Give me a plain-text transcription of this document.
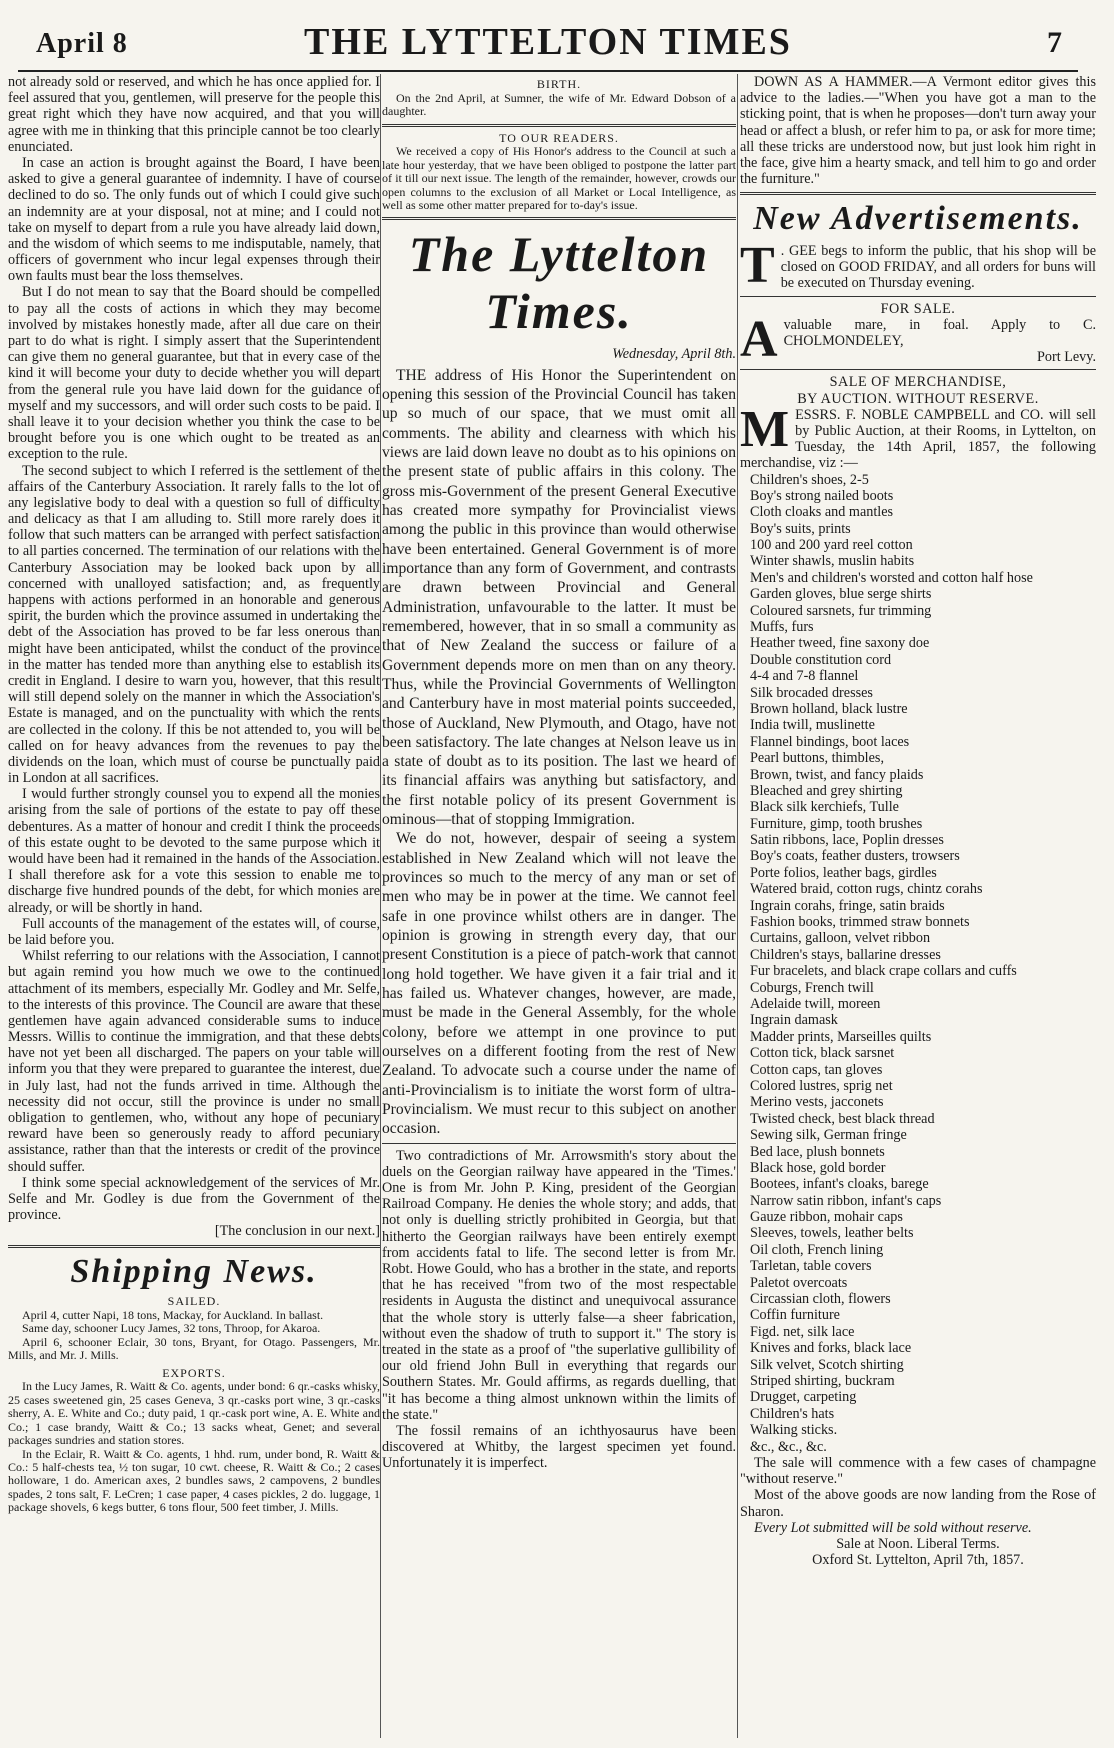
April 8	THE LYTTELTON TIMES	7

not already sold or reserved, and which he has once applied for. I feel assured that you, gentlemen, will preserve for the people this great right which they have now acquired, and that you will agree with me in thinking that this principle cannot be too clearly enunciated.

In case an action is brought against the Board, I have been asked to give a general guarantee of indemnity. I have of course declined to do so. The only funds out of which I could give such an indemnity are at your disposal, not at mine; and I could not take on myself to depart from a rule you have already laid down, and the wisdom of which seems to me indisputable, namely, that officers of government who incur legal expenses through their own faults must bear the loss themselves.

But I do not mean to say that the Board should be compelled to pay all the costs of actions in which they may become involved by mistakes honestly made, after all due care on their part to do what is right. I simply assert that the Superintendent can give them no general guarantee, but that in every case of the kind it will become your duty to decide whether you will depart from the general rule you have laid down for the guidance of myself and my successors, and will order such costs to be paid. I shall leave it to your decision whether you think the case to be brought before you is one which ought to be treated as an exception to the rule.

The second subject to which I referred is the settlement of the affairs of the Canterbury Association. It rarely falls to the lot of any legislative body to deal with a question so full of difficulty and delicacy as that I am alluding to. Still more rarely does it follow that such matters can be arranged with perfect satisfaction to all parties concerned. The termination of our relations with the Canterbury Association may be looked back upon by all concerned with unalloyed satisfaction; and, as frequently happens with actions performed in an honorable and generous spirit, the burden which the province assumed in undertaking the debt of the Association has proved to be far less onerous than might have been anticipated, whilst the conduct of the province in the matter has tended more than anything else to establish its credit in England. I desire to warn you, however, that this result will still depend solely on the manner in which the Association's Estate is managed, and on the punctuality with which the rents are collected in the colony. If this be not attended to, you will be called on for heavy advances from the revenues to pay the dividends on the loan, which must of course be punctually paid in London at all sacrifices.

I would further strongly counsel you to expend all the monies arising from the sale of portions of the estate to pay off these debentures. As a matter of honour and credit I think the proceeds of this estate ought to be devoted to the same purpose which it would have been had it remained in the hands of the Association. I shall therefore ask for a vote this session to enable me to discharge five hundred pounds of the debt, for which monies are already, or will be shortly in hand.

Full accounts of the management of the estates will, of course, be laid before you.

Whilst referring to our relations with the Association, I cannot but again remind you how much we owe to the continued attachment of its members, especially Mr. Godley and Mr. Selfe, to the interests of this province. The Council are aware that these gentlemen have again advanced considerable sums to induce Messrs. Willis to continue the immigration, and that these debts have not yet been all discharged. The papers on your table will inform you that they were prepared to guarantee the interest, due in July last, had not the funds arrived in time. Although the necessity did not occur, still the province is under no small obligation to gentlemen, who, without any hope of pecuniary reward have been so generously ready to afford pecuniary assistance, rather than that the interests or credit of the province should suffer.

I think some special acknowledgement of the services of Mr. Selfe and Mr. Godley is due from the Government of the province.

[The conclusion in our next.]

Shipping News.
SAILED.

April 4, cutter Napi, 18 tons, Mackay, for Auckland. In ballast.

Same day, schooner Lucy James, 32 tons, Throop, for Akaroa.

April 6, schooner Eclair, 30 tons, Bryant, for Otago. Passengers, Mr. Mills, and Mr. J. Mills.

EXPORTS.

In the Lucy James, R. Waitt & Co. agents, under bond: 6 qr.-casks whisky, 25 cases sweetened gin, 25 cases Geneva, 3 qr.-casks port wine, 3 qr.-casks sherry, A. E. White and Co.; duty paid, 1 qr.-cask port wine, A. E. White and Co.; 1 case brandy, Waitt & Co.; 13 sacks wheat, Genet; and several packages sundries and station stores.

In the Eclair, R. Waitt & Co. agents, 1 hhd. rum, under bond, R. Waitt & Co.: 5 half-chests tea, ½ ton sugar, 10 cwt. cheese, R. Waitt & Co.; 2 cases holloware, 1 do. American axes, 2 bundles saws, 2 campovens, 2 bundles spades, 2 tons salt, F. LeCren; 1 case paper, 4 cases pickles, 2 do. luggage, 1 package shovels, 6 kegs butter, 6 tons flour, 500 feet timber, J. Mills.

BIRTH.

On the 2nd April, at Sumner, the wife of Mr. Edward Dobson of a daughter.

TO OUR READERS.

We received a copy of His Honor's address to the Council at such a late hour yesterday, that we have been obliged to postpone the latter part of it till our next issue. The length of the remainder, however, crowds our open columns to the exclusion of all Market or Local Intelligence, as well as some other matter prepared for to-day's issue.

The Lyttelton Times.
Wednesday, April 8th.

THE address of His Honor the Superintendent on opening this session of the Provincial Council has taken up so much of our space, that we must omit all comments. The ability and clearness with which his views are laid down leave no doubt as to his opinions on the present state of public affairs in this colony. The gross mis-Government of the present General Executive has created more sympathy for Provincialist views among the public in this province than would otherwise have been entertained. General Government is of more importance than any form of Government, and contrasts are drawn between Provincial and General Administration, unfavourable to the latter. It must be remembered, however, that in so small a community as that of New Zealand the success or failure of a Government depends more on men than on any theory. Thus, while the Provincial Governments of Wellington and Canterbury have in most material points succeeded, those of Auckland, New Plymouth, and Otago, have not been satisfactory. The late changes at Nelson leave us in a state of doubt as to its position. The last we heard of its financial affairs was anything but satisfactory, and the first notable policy of its present Government is ominous—that of stopping Immigration.

We do not, however, despair of seeing a system established in New Zealand which will not leave the provinces so much to the mercy of any man or set of men who may be in power at the time. We cannot feel safe in one province whilst others are in danger. The opinion is growing in strength every day, that our present Constitution is a piece of patch-work that cannot long hold together. We have given it a fair trial and it has failed us. Whatever changes, however, are made, must be made in the General Assembly, for the whole colony, before we attempt in one province to put ourselves on a different footing from the rest of New Zealand. To advocate such a course under the name of anti-Provincialism is to initiate the worst form of ultra-Provincialism. We must recur to this subject on another occasion.

Two contradictions of Mr. Arrowsmith's story about the duels on the Georgian railway have appeared in the 'Times.' One is from Mr. John P. King, president of the Georgian Railroad Company. He denies the whole story; and adds, that not only is duelling strictly prohibited in Georgia, but that hitherto the Georgian railways have been entirely exempt from accidents fatal to life. The second letter is from Mr. Robt. Howe Gould, who has a brother in the state, and reports that he has received "from two of the most respectable residents in Augusta the distinct and unequivocal assurance that the whole story is utterly false—a sheer fabrication, without even the shadow of truth to support it." The story is treated in the state as a proof of "the superlative gullibility of our old friend John Bull in everything that regards our Southern States. Mr. Gould affirms, as regards duelling, that "it has become a thing almost unknown within the limits of the state."

The fossil remains of an ichthyosaurus have been discovered at Whitby, the largest specimen yet found. Unfortunately it is imperfect.

DOWN AS A HAMMER.—A Vermont editor gives this advice to the ladies.—"When you have got a man to the sticking point, that is when he proposes—don't turn away your head or affect a blush, or refer him to pa, or ask for more time; all these tricks are understood now, but just look him right in the face, give him a hearty smack, and tell him to go and order the furniture."

New Advertisements.
T . GEE begs to inform the public, that his shop will be closed on GOOD FRIDAY, and all orders for buns will be executed on Thursday evening.
FOR SALE.
A valuable mare, in foal. Apply to C. CHOLMONDELEY,
Port Levy.
SALE OF MERCHANDISE,
BY AUCTION. WITHOUT RESERVE.
M ESSRS. F. NOBLE CAMPBELL and CO. will sell by Public Auction, at their Rooms, in Lyttelton, on Tuesday, the 14th April, 1857, the following merchandise, viz :—
Children's shoes, 2-5
Boy's strong nailed boots
Cloth cloaks and mantles
Boy's suits, prints
100 and 200 yard reel cotton
Winter shawls, muslin habits
Men's and children's worsted and cotton half hose
Garden gloves, blue serge shirts
Coloured sarsnets, fur trimming
Muffs, furs
Heather tweed, fine saxony doe
Double constitution cord
4-4 and 7-8 flannel
Silk brocaded dresses
Brown holland, black lustre
India twill, muslinette
Flannel bindings, boot laces
Pearl buttons, thimbles,
Brown, twist, and fancy plaids
Bleached and grey shirting
Black silk kerchiefs, Tulle
Furniture, gimp, tooth brushes
Satin ribbons, lace, Poplin dresses
Boy's coats, feather dusters, trowsers
Porte folios, leather bags, girdles
Watered braid, cotton rugs, chintz corahs
Ingrain corahs, fringe, satin braids
Fashion books, trimmed straw bonnets
Curtains, galloon, velvet ribbon
Children's stays, ballarine dresses
Fur bracelets, and black crape collars and cuffs
Coburgs, French twill
Adelaide twill, moreen
Ingrain damask
Madder prints, Marseilles quilts
Cotton tick, black sarsnet
Cotton caps, tan gloves
Colored lustres, sprig net
Merino vests, jacconets
Twisted check, best black thread
Sewing silk, German fringe
Bed lace, plush bonnets
Black hose, gold border
Bootees, infant's cloaks, barege
Narrow satin ribbon, infant's caps
Gauze ribbon, mohair caps
Sleeves, towels, leather belts
Oil cloth, French lining
Tarletan, table covers
Paletot overcoats
Circassian cloth, flowers
Coffin furniture
Figd. net, silk lace
Knives and forks, black lace
Silk velvet, Scotch shirting
Striped shirting, buckram
Drugget, carpeting
Children's hats
Walking sticks.
&c., &c., &c.

The sale will commence with a few cases of champagne "without reserve."

Most of the above goods are now landing from the Rose of Sharon.

Every Lot submitted will be sold without reserve.

Sale at Noon. Liberal Terms.
Oxford St. Lyttelton, April 7th, 1857.
